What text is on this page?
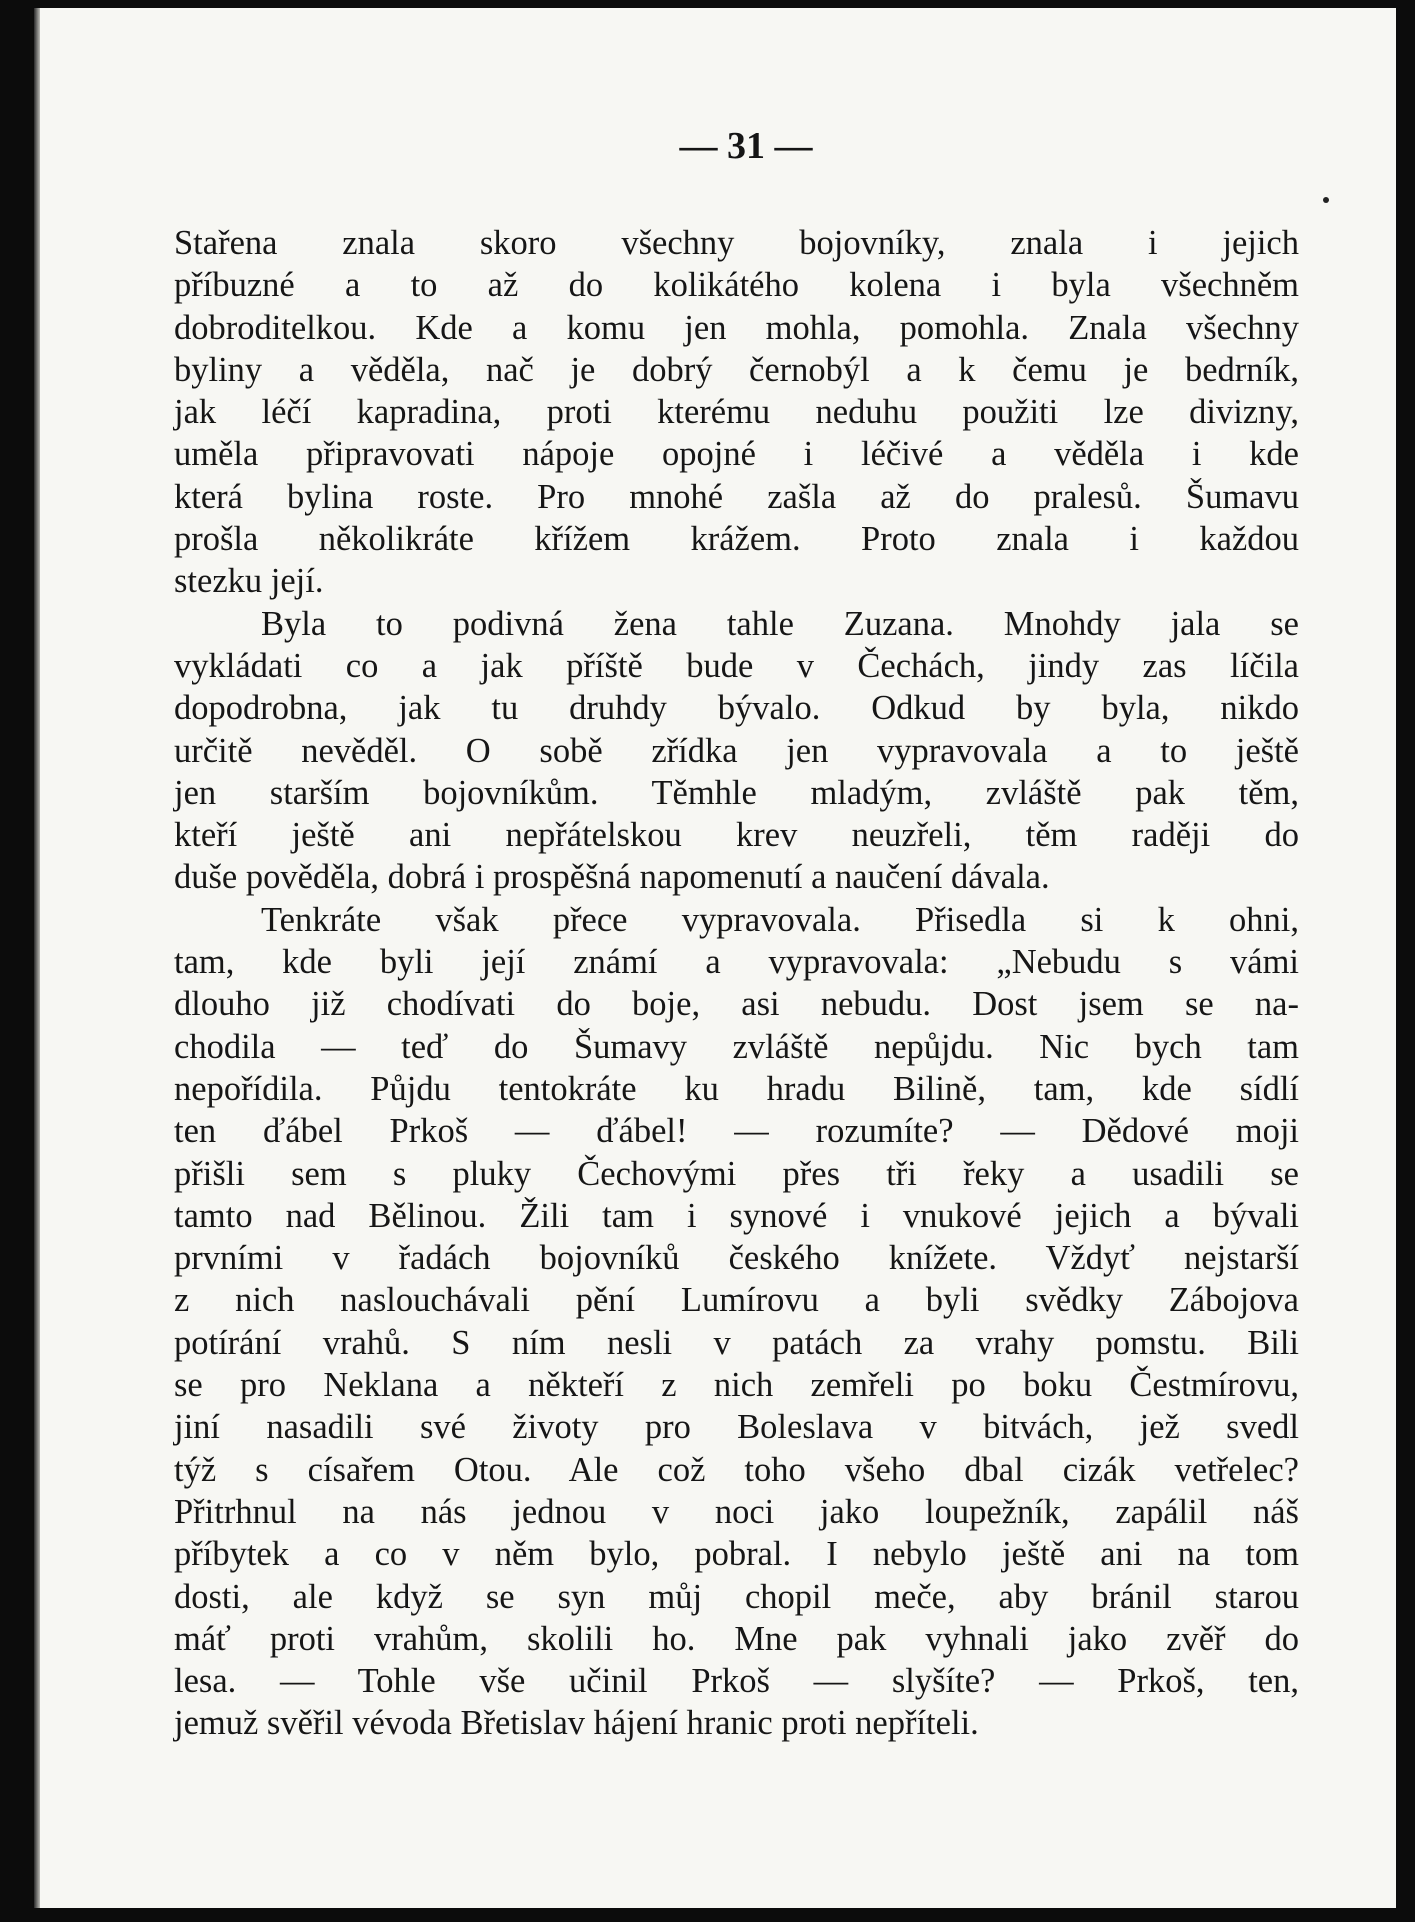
— 31 —
Stařena znala skoro všechny bojovníky, znala i jejich
příbuzné a to až do kolikátého kolena i byla všechněm
dobroditelkou. Kde a komu jen mohla, pomohla. Znala všechny
byliny a věděla, nač je dobrý černobýl a k čemu je bedrník,
jak léčí kapradina, proti kterému neduhu použiti lze divizny,
uměla připravovati nápoje opojné i léčivé a věděla i kde
která bylina roste. Pro mnohé zašla až do pralesů. Šumavu
prošla několikráte křížem krážem. Proto znala i každou
stezku její.
Byla to podivná žena tahle Zuzana. Mnohdy jala se
vykládati co a jak příště bude v Čechách, jindy zas líčila
dopodrobna, jak tu druhdy bývalo. Odkud by byla, nikdo
určitě nevěděl. O sobě zřídka jen vypravovala a to ještě
jen starším bojovníkům. Těmhle mladým, zvláště pak těm,
kteří ještě ani nepřátelskou krev neuzřeli, těm raději do
duše pověděla, dobrá i prospěšná napomenutí a naučení dávala.
Tenkráte však přece vypravovala. Přisedla si k ohni,
tam, kde byli její známí a vypravovala: „Nebudu s vámi
dlouho již chodívati do boje, asi nebudu. Dost jsem se na-
chodila — teď do Šumavy zvláště nepůjdu. Nic bych tam
nepořídila. Půjdu tentokráte ku hradu Bilině, tam, kde sídlí
ten ďábel Prkoš — ďábel! — rozumíte? — Dědové moji
přišli sem s pluky Čechovými přes tři řeky a usadili se
tamto nad Bělinou. Žili tam i synové i vnukové jejich a bývali
prvními v řadách bojovníků českého knížete. Vždyť nejstarší
z nich naslouchávali pění Lumírovu a byli svědky Zábojova
potírání vrahů. S ním nesli v patách za vrahy pomstu. Bili
se pro Neklana a někteří z nich zemřeli po boku Čestmírovu,
jiní nasadili své životy pro Boleslava v bitvách, jež svedl
týž s císařem Otou. Ale což toho všeho dbal cizák vetřelec?
Přitrhnul na nás jednou v noci jako loupežník, zapálil náš
příbytek a co v něm bylo, pobral. I nebylo ještě ani na tom
dosti, ale když se syn můj chopil meče, aby bránil starou
máť proti vrahům, skolili ho. Mne pak vyhnali jako zvěř do
lesa. — Tohle vše učinil Prkoš — slyšíte? — Prkoš, ten,
jemuž svěřil vévoda Břetislav hájení hranic proti nepříteli.
